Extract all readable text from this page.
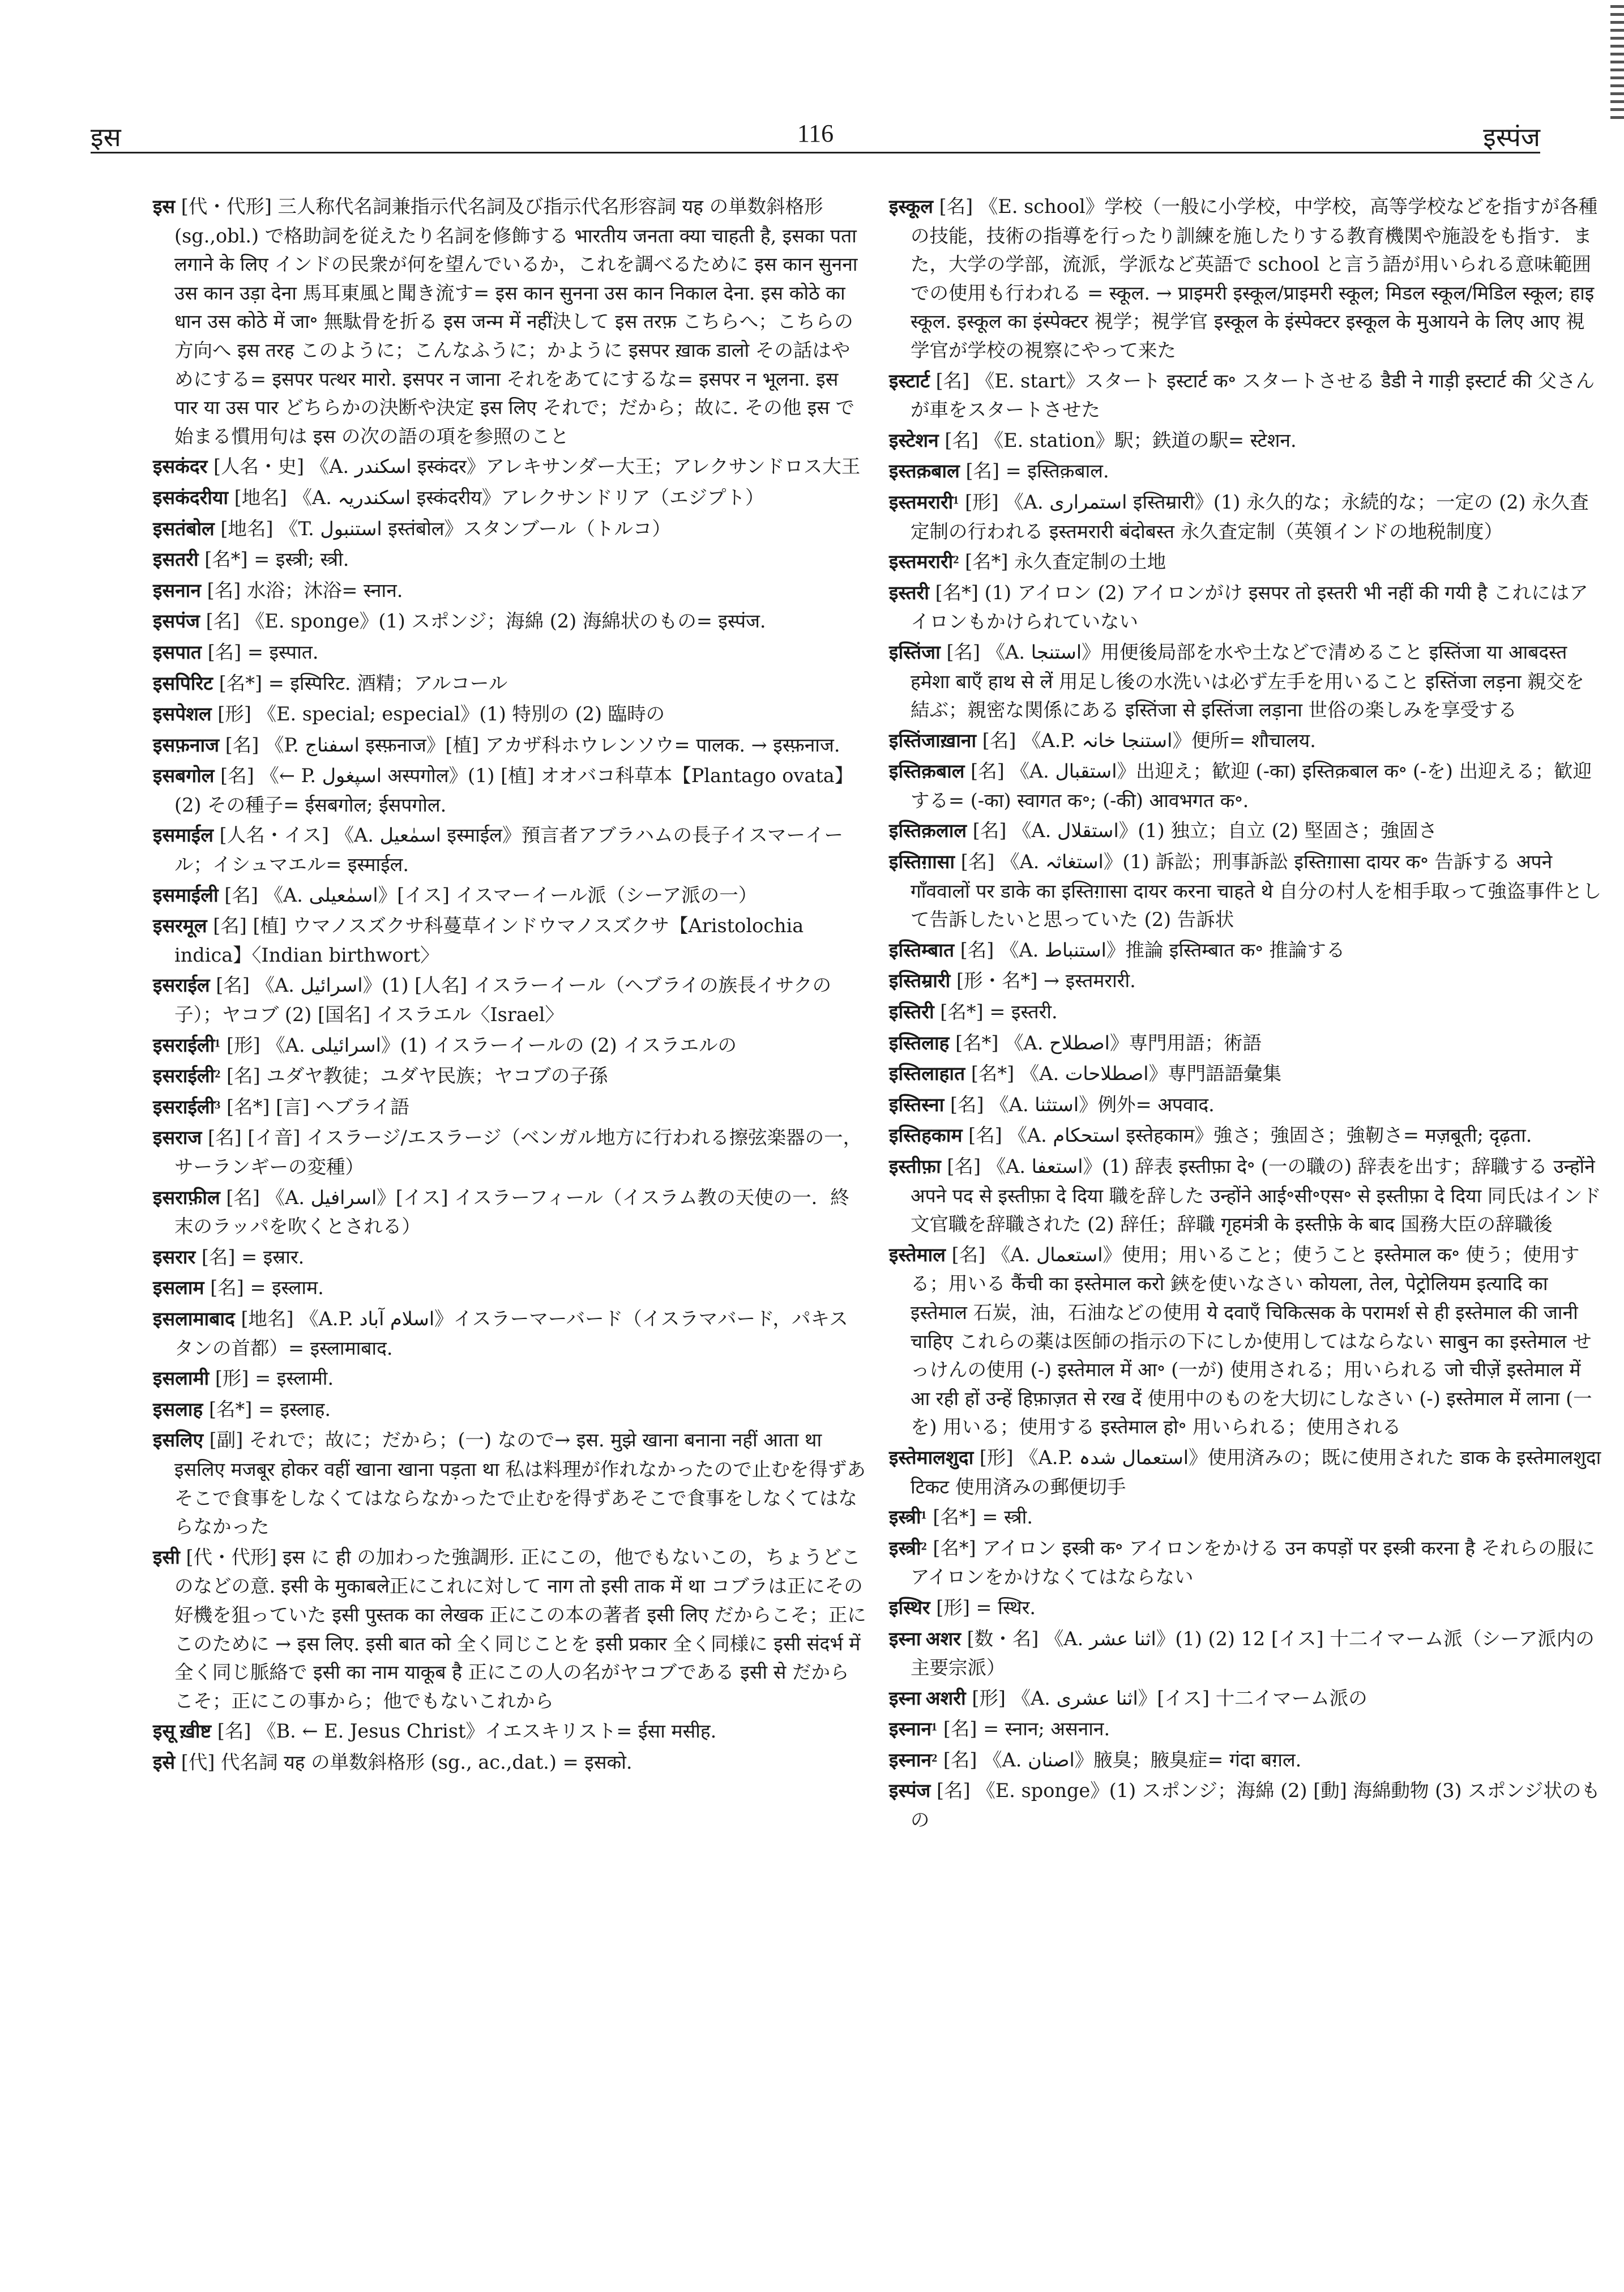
इस	116	इस्पंज

इस [代・代形] 三人称代名詞兼指示代名詞及び指示代名形容詞 यह の単数斜格形 (sg.,obl.) で格助詞を従えたり名詞を修飾する भारतीय जनता क्या चाहती है, इसका पता लगाने के लिए インドの民衆が何を望んでいるか，これを調べるために इस कान सुनना उस कान उड़ा देना 馬耳東風と聞き流す= इस कान सुनना उस कान निकाल देना. इस कोठे का धान उस कोठे में जा॰ 無駄骨を折る इस जन्म में नहीं決して इस तरफ़ こちらへ；こちらの方向へ इस तरह このように；こんなふうに；かように इसपर ख़ाक डालो その話はやめにする= इसपर पत्थर मारो. इसपर न जाना それをあてにするな= इसपर न भूलना. इस पार या उस पार どちらかの決断や決定 इस लिए それで；だから；故に. その他 इस で始まる慣用句は इस の次の語の項を参照のこと

इसकंदर [人名・史] 《A. اسکندر इस्कंदर》アレキサンダー大王；アレクサンドロス大王

इसकंदरीया [地名] 《A. اسکندریہ इस्कंदरीय》アレクサンドリア（エジプト）

इसतंबोल [地名] 《T. استنبول इस्तंबोल》スタンブール（トルコ）

इसतरी [名*] = इस्त्री; स्त्री.

इसनान [名] 水浴；沐浴= स्नान.

इसपंज [名] 《E. sponge》(1) スポンジ；海綿 (2) 海綿状のもの= इस्पंज.

इसपात [名] = इस्पात.

इसपिरिट [名*] = इस्पिरिट. 酒精；アルコール

इसपेशल [形] 《E. special; especial》(1) 特別の (2) 臨時の

इसफ़नाज [名] 《P. اسفناج इस्फ़नाज》[植] アカザ科ホウレンソウ= पालक. → इस्फ़नाज.

इसबगोल [名] 《← P. اسپغول अस्पगोल》(1) [植] オオバコ科草本【Plantago ovata】(2) その種子= ईसबगोल; ईसपगोल.

इसमाईल [人名・イス] 《A. اسمٰعیل इस्माईल》預言者アブラハムの長子イスマーイール；イシュマエル= इस्माईल.

इसमाईली [名] 《A. اسمٰعیلی》[イス] イスマーイール派（シーア派の一）

इसरमूल [名] [植] ウマノスズクサ科蔓草インドウマノスズクサ【Aristolochia indica】〈Indian birthwort〉

इसराईल [名] 《A. اسرائیل》(1) [人名] イスラーイール（ヘブライの族長イサクの子）；ヤコブ (2) [国名] イスラエル〈Israel〉

इसराईली¹ [形] 《A. اسرائیلی》(1) イスラーイールの (2) イスラエルの

इसराईली² [名] ユダヤ教徒；ユダヤ民族；ヤコブの子孫

इसराईली³ [名*] [言] ヘブライ語

इसराज [名] [イ音] イスラージ/エスラージ（ベンガル地方に行われる擦弦楽器の一，サーランギーの変種）

इसराफ़ील [名] 《A. اسرافیل》[イス] イスラーフィール（イスラム教の天使の一．終末のラッパを吹くとされる）

इसरार [名] = इस्रार.

इसलाम [名] = इस्लाम.

इसलामाबाद [地名] 《A.P. اسلام آباد》イスラーマーバード（イスラマバード，パキスタンの首都）= इस्लामाबाद.

इसलामी [形] = इस्लामी.

इसलाह [名*] = इस्लाह.

इसलिए [副] それで；故に；だから；(一) なので→ इस. मुझे खाना बनाना नहीं आता था इसलिए मजबूर होकर वहीं खाना खाना पड़ता था 私は料理が作れなかったので止むを得ずあそこで食事をしなくてはならなかったで止むを得ずあそこで食事をしなくてはならなかった

इसी [代・代形] इस に ही の加わった強調形. 正にこの，他でもないこの，ちょうどこのなどの意. इसी के मुकाबले正にこれに対して नाग तो इसी ताक में था コブラは正にその好機を狙っていた इसी पुस्तक का लेखक 正にこの本の著者 इसी लिए だからこそ；正にこのために → इस लिए. इसी बात को 全く同じことを इसी प्रकार 全く同様に इसी संदर्भ में全く同じ脈絡で इसी का नाम याकूब है 正にこの人の名がヤコブである इसी से だからこそ；正にこの事から；他でもないこれから

इसू ख़ीष्ट [名] 《B. ← E. Jesus Christ》イエスキリスト= ईसा मसीह.

इसे [代] 代名詞 यह の単数斜格形 (sg., ac.,dat.) = इसको.

इस्कूल [名] 《E. school》学校（一般に小学校，中学校，高等学校などを指すが各種の技能，技術の指導を行ったり訓練を施したりする教育機関や施設をも指す．また，大学の学部，流派，学派など英語で school と言う語が用いられる意味範囲での使用も行われる = स्कूल. → प्राइमरी इस्कूल/प्राइमरी स्कूल; मिडल स्कूल/मिडिल स्कूल; हाइ स्कूल. इस्कूल का इंस्पेक्टर 視学；視学官 इस्कूल के इंस्पेक्टर इस्कूल के मुआयने के लिए आए 視学官が学校の視察にやって来た

इस्टार्ट [名] 《E. start》スタート इस्टार्ट क॰ スタートさせる डैडी ने गाड़ी इस्टार्ट की 父さんが車をスタートさせた

इस्टेशन [名] 《E. station》駅；鉄道の駅= स्टेशन.

इस्तक़बाल [名] = इस्तिक़बाल.

इस्तमरारी¹ [形] 《A. استمراری इस्तिम्रारी》(1) 永久的な；永続的な；一定の (2) 永久査定制の行われる इस्तमरारी बंदोबस्त 永久査定制（英領インドの地税制度）

इस्तमरारी² [名*] 永久査定制の土地

इस्तरी [名*] (1) アイロン (2) アイロンがけ इसपर तो इस्तरी भी नहीं की गयी है これにはアイロンもかけられていない

इस्तिंजा [名] 《A. استنجا》用便後局部を水や土などで清めること इस्तिंजा या आबदस्त हमेशा बाएँ हाथ से लें 用足し後の水洗いは必ず左手を用いること इस्तिंजा लड़ना 親交を結ぶ；親密な関係にある इस्तिंजा से इस्तिंजा लड़ाना 世俗の楽しみを享受する

इस्तिंजाख़ाना [名] 《A.P. استنجا خانہ》便所= शौचालय.

इस्तिक़बाल [名] 《A. استقبال》出迎え；歓迎 (-का) इस्तिक़बाल क॰ (-を) 出迎える；歓迎する= (-का) स्वागत क॰; (-की) आवभगत क॰.

इस्तिक़लाल [名] 《A. استقلال》(1) 独立；自立 (2) 堅固さ；強固さ

इस्तिग़ासा [名] 《A. استغاثہ》(1) 訴訟；刑事訴訟 इस्तिग़ासा दायर क॰ 告訴する अपने गाँववालों पर डाके का इस्तिग़ासा दायर करना चाहते थे 自分の村人を相手取って強盗事件として告訴したいと思っていた (2) 告訴状

इस्तिम्बात [名] 《A. استنباط》推論 इस्तिम्बात क॰ 推論する

इस्तिम्रारी [形・名*] → इस्तमरारी.

इस्तिरी [名*] = इस्तरी.

इस्तिलाह [名*] 《A. اصطلاح》専門用語；術語

इस्तिलाहात [名*] 《A. اصطلاحات》専門語語彙集

इस्तिस्ना [名] 《A. استثنا》例外= अपवाद.

इस्तिहकाम [名] 《A. استحکام इस्तेहकाम》強さ；強固さ；強靭さ= मज़बूती; दृढ़ता.

इस्तीफ़ा [名] 《A. استعفا》(1) 辞表 इस्तीफ़ा दे॰ (一の職の) 辞表を出す；辞職する उन्होंने अपने पद से इस्तीफ़ा दे दिया 職を辞した उन्होंने आई॰सी॰एस॰ से इस्तीफ़ा दे दिया 同氏はインド文官職を辞職された (2) 辞任；辞職 गृहमंत्री के इस्तीफ़े के बाद 国務大臣の辞職後

इस्तेमाल [名] 《A. استعمال》使用；用いること；使うこと इस्तेमाल क॰ 使う；使用する；用いる कैंची का इस्तेमाल करो 鋏を使いなさい कोयला, तेल, पेट्रोलियम इत्यादि का इस्तेमाल 石炭，油，石油などの使用 ये दवाएँ चिकित्सक के परामर्श से ही इस्तेमाल की जानी चाहिए これらの薬は医師の指示の下にしか使用してはならない साबुन का इस्तेमाल せっけんの使用 (-) इस्तेमाल में आ॰ (一が) 使用される；用いられる जो चीज़ें इस्तेमाल में आ रही हों उन्हें हिफ़ाज़त से रख दें 使用中のものを大切にしなさい (-) इस्तेमाल में लाना (一を) 用いる；使用する इस्तेमाल हो॰ 用いられる；使用される

इस्तेमालशुदा [形] 《A.P. استعمال شدہ》使用済みの；既に使用された डाक के इस्तेमालशुदा टिकट 使用済みの郵便切手

इस्त्री¹ [名*] = स्त्री.

इस्त्री² [名*] アイロン इस्त्री क॰ アイロンをかける उन कपड़ों पर इस्त्री करना है それらの服にアイロンをかけなくてはならない

इस्थिर [形] = स्थिर.

इस्ना अशर [数・名] 《A. اثنا عشر》(1) 12 (2) [イス] 十二イマーム派（シーア派内の主要宗派）

इस्ना अशरी [形] 《A. اثنا عشری》[イス] 十二イマーム派の

इस्नान¹ [名] = स्नान; असनान.

इस्नान² [名] 《A. اصنان》腋臭；腋臭症= गंदा बग़ल.

इस्पंज [名] 《E. sponge》(1) スポンジ；海綿 (2) [動] 海綿動物 (3) スポンジ状のもの
